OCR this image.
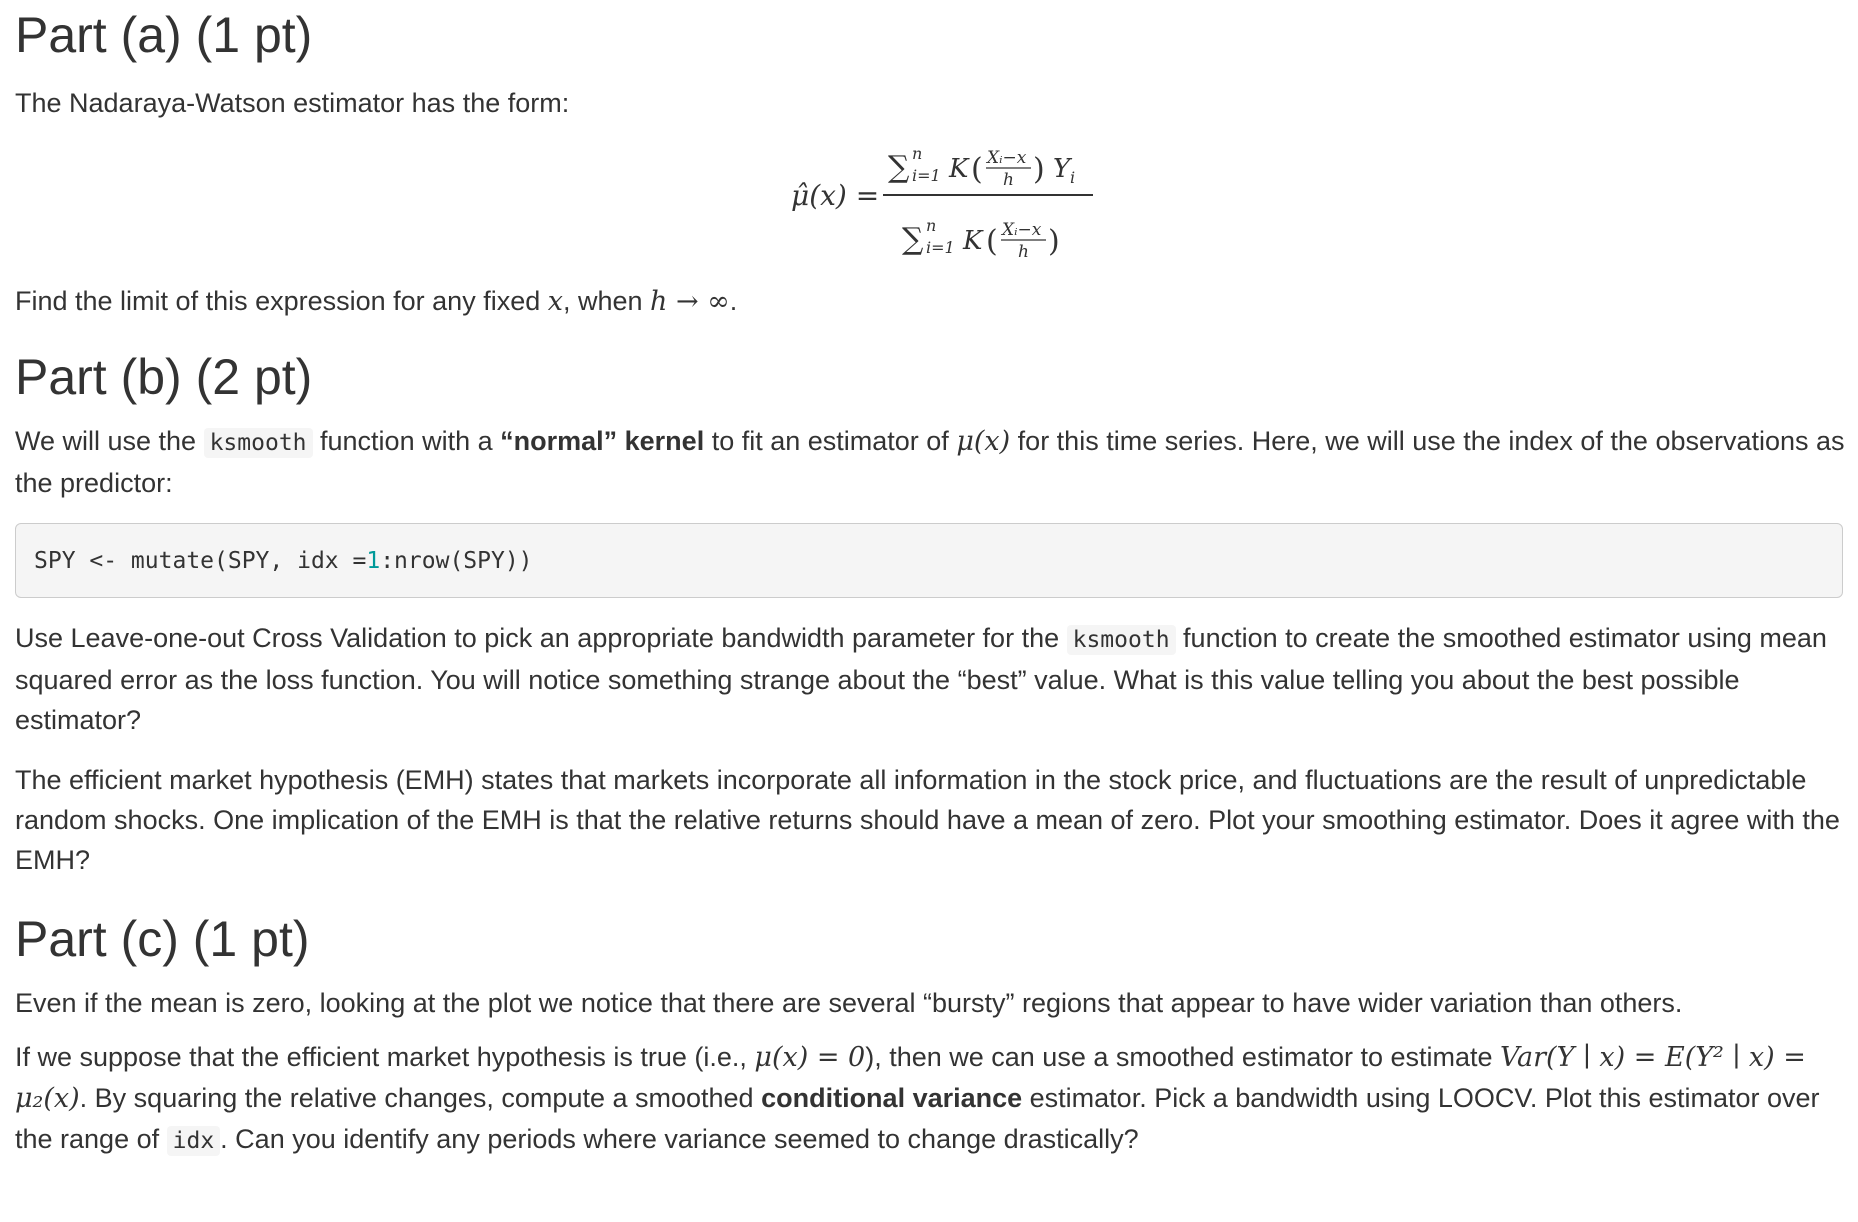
Part (a) (1 pt)

The Nadaraya-Watson estimator has the form:

μ̂(x) =
∑ n
i=1 K ( Xᵢ−x
h ) Y i
∑ n
i=1 K ( Xᵢ−x
h )

Find the limit of this expression for any fixed x, when h → ∞.

Part (b) (2 pt)

We will use the ksmooth function with a “normal” kernel to fit an estimator of μ(x) for this time series. Here, we will use the index of the observations as the predictor:

SPY <- mutate(SPY, idx = 1 :nrow(SPY))

Use Leave-one-out Cross Validation to pick an appropriate bandwidth parameter for the ksmooth function to create the smoothed estimator using mean squared error as the loss function. You will notice something strange about the “best” value. What is this value telling you about the best possible estimator?

The efficient market hypothesis (EMH) states that markets incorporate all information in the stock price, and fluctuations are the result of unpredictable random shocks. One implication of the EMH is that the relative returns should have a mean of zero. Plot your smoothing estimator. Does it agree with the EMH?

Part (c) (1 pt)

Even if the mean is zero, looking at the plot we notice that there are several “bursty” regions that appear to have wider variation than others.

If we suppose that the efficient market hypothesis is true (i.e., μ(x) = 0), then we can use a smoothed estimator to estimate Var(Y ∣ x) = E(Y² ∣ x) = μ₂(x). By squaring the relative changes, compute a smoothed conditional variance estimator. Pick a bandwidth using LOOCV. Plot this estimator over the range of idx . Can you identify any periods where variance seemed to change drastically?
